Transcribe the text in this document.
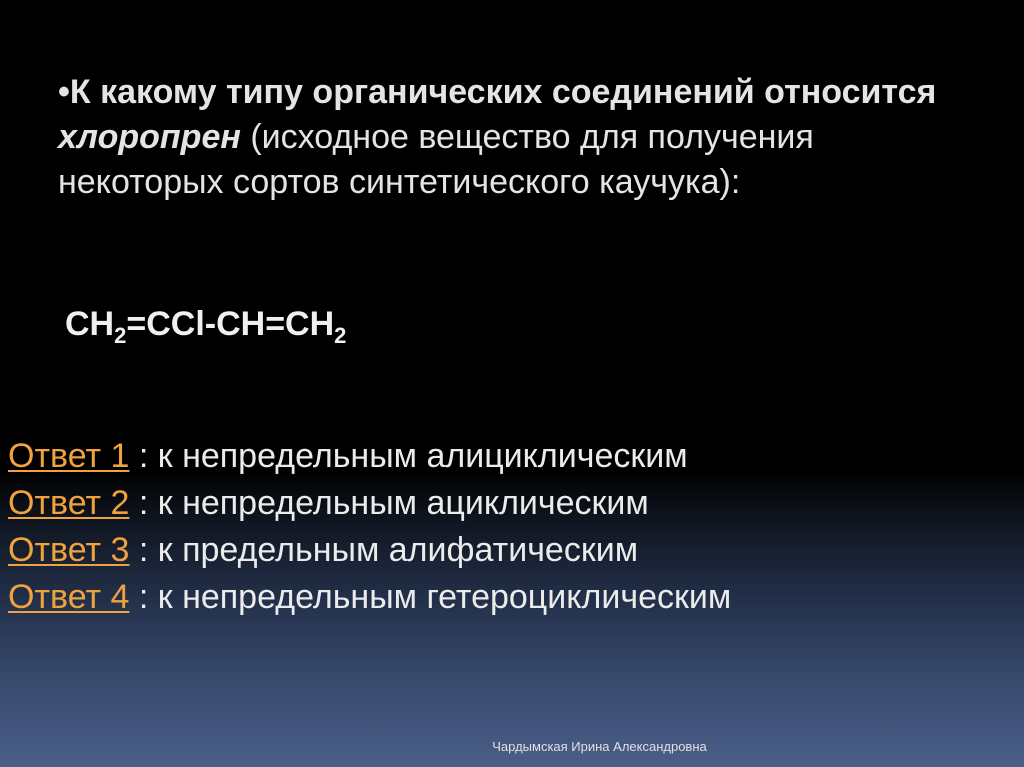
•К какому типу органических соединений относится хлоропрен (исходное вещество для получения некоторых сортов синтетического каучука):
$CH_2=CCl-CH=CH_2$
Ответ 1 : к непредельным алициклическим
Ответ 2 : к непредельным ациклическим
Ответ 3 : к предельным алифатическим
Ответ 4 : к непредельным гетероциклическим
Чардымская Ирина Александровна
